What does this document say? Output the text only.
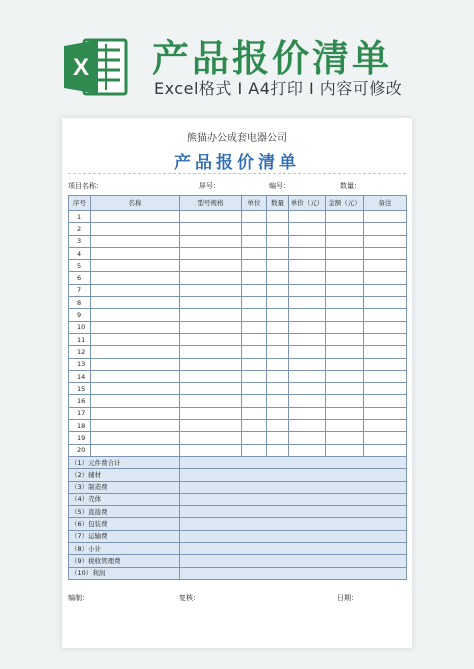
X 产品报价清单
Excel格式 I A4打印 I 内容可修改
熊猫办公成套电器公司
产品报价清单
项目名称：	屏号：	编号：	数量：
序号	名称	型号规格	单位	数量	单价（元）	金额（元）	备注
1							
2							
3							
4							
5							
6							
7							
8							
9							
10							
11							
12							
13							
14							
15							
16							
17							
18							
19							
20							
（1）元件费合计							
（2）辅材							
（3）制造费							
（4）壳体							
（5）直接费							
（6）包装费							
（7）运输费							
（8）小计							
（9）税收管理费							
（10）利润							
编制：	复核：	日期：
